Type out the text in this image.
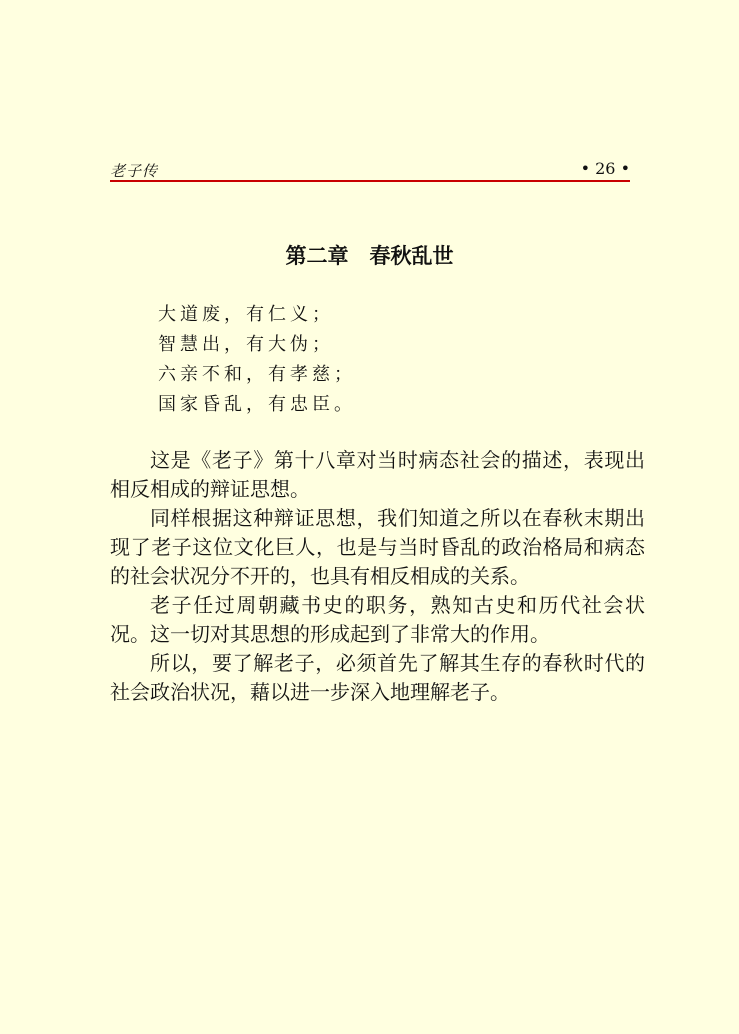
老子传	• 26 •
第二章　春秋乱世
大道废，有仁义；
智慧出，有大伪；
六亲不和，有孝慈；
国家昏乱，有忠臣。

这是《老子》第十八章对当时病态社会的描述，表现出相反相成的辩证思想。

同样根据这种辩证思想，我们知道之所以在春秋末期出现了老子这位文化巨人，也是与当时昏乱的政治格局和病态的社会状况分不开的，也具有相反相成的关系。

老子任过周朝藏书史的职务，熟知古史和历代社会状况。这一切对其思想的形成起到了非常大的作用。

所以，要了解老子，必须首先了解其生存的春秋时代的社会政治状况，藉以进一步深入地理解老子。
